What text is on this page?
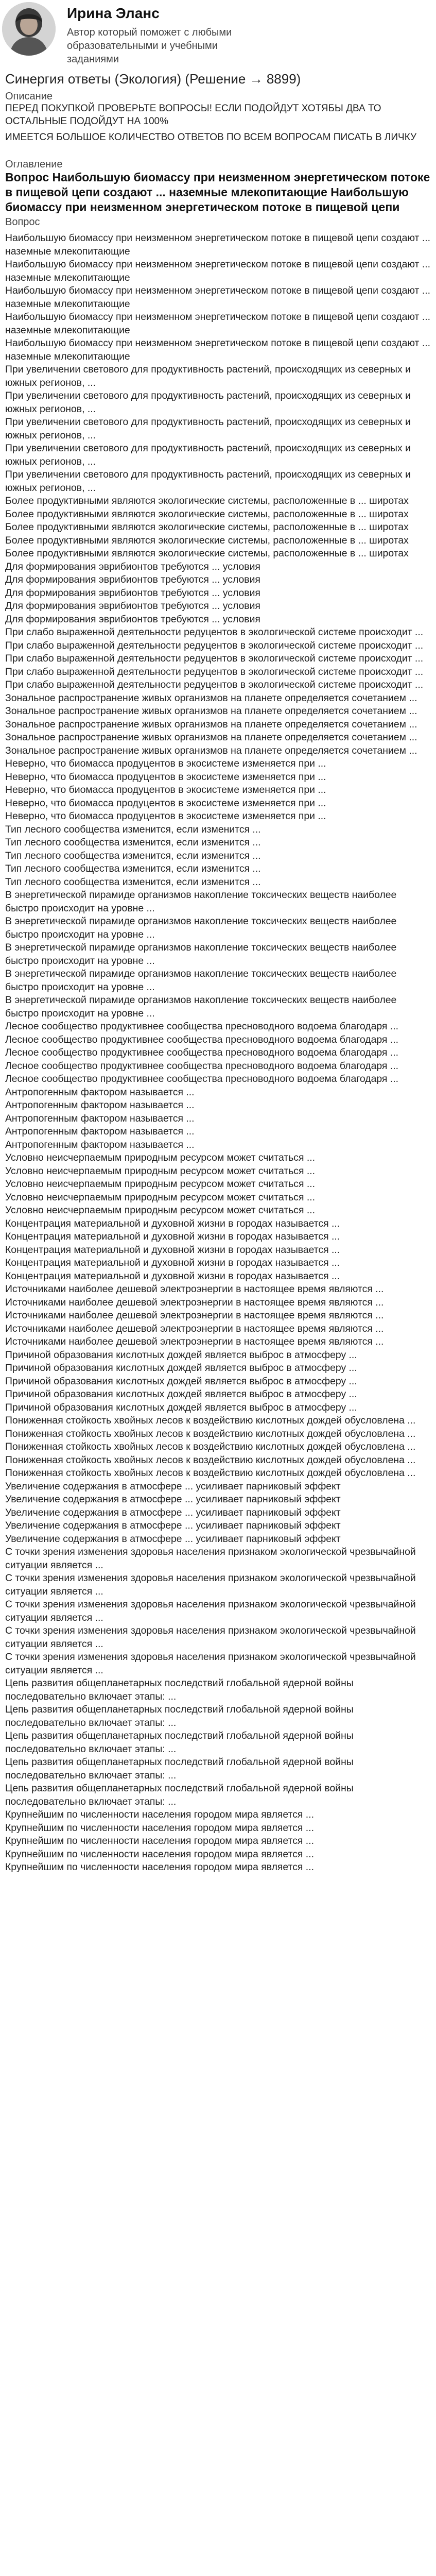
Ирина Эланс
Автор который поможет с любыми образовательными и учебными заданиями
Синергия ответы (Экология) (Решение → 8899)
Описание
ПЕРЕД ПОКУПКОЙ ПРОВЕРЬТЕ ВОПРОСЫ! ЕСЛИ ПОДОЙДУТ ХОТЯБЫ ДВА ТО ОСТАЛЬНЫЕ ПОДОЙДУТ НА 100%
ИМЕЕТСЯ БОЛЬШОЕ КОЛИЧЕСТВО ОТВЕТОВ ПО ВСЕМ ВОПРОСАМ ПИСАТЬ В ЛИЧКУ
Оглавление
Вопрос Наибольшую биомассу при неизменном энергетическом потоке в пищевой цепи создают ... наземные млекопитающие Наибольшую биомассу при неизменном энергетическом потоке в пищевой цепи
Вопрос
Наибольшую биомассу при неизменном энергетическом потоке в пищевой цепи создают ... наземные млекопитающие
Наибольшую биомассу при неизменном энергетическом потоке в пищевой цепи создают ... наземные млекопитающие
Наибольшую биомассу при неизменном энергетическом потоке в пищевой цепи создают ... наземные млекопитающие
Наибольшую биомассу при неизменном энергетическом потоке в пищевой цепи создают ... наземные млекопитающие
Наибольшую биомассу при неизменном энергетическом потоке в пищевой цепи создают ... наземные млекопитающие
При увеличении светового для продуктивность растений, происходящих из северных и южных регионов, ...
При увеличении светового для продуктивность растений, происходящих из северных и южных регионов, ...
При увеличении светового для продуктивность растений, происходящих из северных и южных регионов, ...
При увеличении светового для продуктивность растений, происходящих из северных и южных регионов, ...
При увеличении светового для продуктивность растений, происходящих из северных и южных регионов, ...
Более продуктивными являются экологические системы, расположенные в ... широтах
Более продуктивными являются экологические системы, расположенные в ... широтах
Более продуктивными являются экологические системы, расположенные в ... широтах
Более продуктивными являются экологические системы, расположенные в ... широтах
Более продуктивными являются экологические системы, расположенные в ... широтах
Для формирования эврибионтов требуются ... условия
Для формирования эврибионтов требуются ... условия
Для формирования эврибионтов требуются ... условия
Для формирования эврибионтов требуются ... условия
Для формирования эврибионтов требуются ... условия
При слабо выраженной деятельности редуцентов в экологической системе происходит ...
При слабо выраженной деятельности редуцентов в экологической системе происходит ...
При слабо выраженной деятельности редуцентов в экологической системе происходит ...
При слабо выраженной деятельности редуцентов в экологической системе происходит ...
При слабо выраженной деятельности редуцентов в экологической системе происходит ...
Зональное распространение живых организмов на планете определяется сочетанием ...
Зональное распространение живых организмов на планете определяется сочетанием ...
Зональное распространение живых организмов на планете определяется сочетанием ...
Зональное распространение живых организмов на планете определяется сочетанием ...
Зональное распространение живых организмов на планете определяется сочетанием ...
Неверно, что биомасса продуцентов в экосистеме изменяется при ...
Неверно, что биомасса продуцентов в экосистеме изменяется при ...
Неверно, что биомасса продуцентов в экосистеме изменяется при ...
Неверно, что биомасса продуцентов в экосистеме изменяется при ...
Неверно, что биомасса продуцентов в экосистеме изменяется при ...
Тип лесного сообщества изменится, если изменится ...
Тип лесного сообщества изменится, если изменится ...
Тип лесного сообщества изменится, если изменится ...
Тип лесного сообщества изменится, если изменится ...
Тип лесного сообщества изменится, если изменится ...
В энергетической пирамиде организмов накопление токсических веществ наиболее быстро происходит на уровне ...
В энергетической пирамиде организмов накопление токсических веществ наиболее быстро происходит на уровне ...
В энергетической пирамиде организмов накопление токсических веществ наиболее быстро происходит на уровне ...
В энергетической пирамиде организмов накопление токсических веществ наиболее быстро происходит на уровне ...
В энергетической пирамиде организмов накопление токсических веществ наиболее быстро происходит на уровне ...
Лесное сообщество продуктивнее сообщества пресноводного водоема благодаря ...
Лесное сообщество продуктивнее сообщества пресноводного водоема благодаря ...
Лесное сообщество продуктивнее сообщества пресноводного водоема благодаря ...
Лесное сообщество продуктивнее сообщества пресноводного водоема благодаря ...
Лесное сообщество продуктивнее сообщества пресноводного водоема благодаря ...
Антропогенным фактором называется ...
Антропогенным фактором называется ...
Антропогенным фактором называется ...
Антропогенным фактором называется ...
Антропогенным фактором называется ...
Условно неисчерпаемым природным ресурсом может считаться ...
Условно неисчерпаемым природным ресурсом может считаться ...
Условно неисчерпаемым природным ресурсом может считаться ...
Условно неисчерпаемым природным ресурсом может считаться ...
Условно неисчерпаемым природным ресурсом может считаться ...
Концентрация материальной и духовной жизни в городах называется ...
Концентрация материальной и духовной жизни в городах называется ...
Концентрация материальной и духовной жизни в городах называется ...
Концентрация материальной и духовной жизни в городах называется ...
Концентрация материальной и духовной жизни в городах называется ...
Источниками наиболее дешевой электроэнергии в настоящее время являются ...
Источниками наиболее дешевой электроэнергии в настоящее время являются ...
Источниками наиболее дешевой электроэнергии в настоящее время являются ...
Источниками наиболее дешевой электроэнергии в настоящее время являются ...
Источниками наиболее дешевой электроэнергии в настоящее время являются ...
Причиной образования кислотных дождей является выброс в атмосферу ...
Причиной образования кислотных дождей является выброс в атмосферу ...
Причиной образования кислотных дождей является выброс в атмосферу ...
Причиной образования кислотных дождей является выброс в атмосферу ...
Причиной образования кислотных дождей является выброс в атмосферу ...
Пониженная стойкость хвойных лесов к воздействию кислотных дождей обусловлена ...
Пониженная стойкость хвойных лесов к воздействию кислотных дождей обусловлена ...
Пониженная стойкость хвойных лесов к воздействию кислотных дождей обусловлена ...
Пониженная стойкость хвойных лесов к воздействию кислотных дождей обусловлена ...
Пониженная стойкость хвойных лесов к воздействию кислотных дождей обусловлена ...
Увеличение содержания в атмосфере ... усиливает парниковый эффект
Увеличение содержания в атмосфере ... усиливает парниковый эффект
Увеличение содержания в атмосфере ... усиливает парниковый эффект
Увеличение содержания в атмосфере ... усиливает парниковый эффект
Увеличение содержания в атмосфере ... усиливает парниковый эффект
С точки зрения изменения здоровья населения признаком экологической чрезвычайной ситуации является ...
С точки зрения изменения здоровья населения признаком экологической чрезвычайной ситуации является ...
С точки зрения изменения здоровья населения признаком экологической чрезвычайной ситуации является ...
С точки зрения изменения здоровья населения признаком экологической чрезвычайной ситуации является ...
С точки зрения изменения здоровья населения признаком экологической чрезвычайной ситуации является ...
Цепь развития общепланетарных последствий глобальной ядерной войны последовательно включает этапы: ...
Цепь развития общепланетарных последствий глобальной ядерной войны последовательно включает этапы: ...
Цепь развития общепланетарных последствий глобальной ядерной войны последовательно включает этапы: ...
Цепь развития общепланетарных последствий глобальной ядерной войны последовательно включает этапы: ...
Цепь развития общепланетарных последствий глобальной ядерной войны последовательно включает этапы: ...
Крупнейшим по численности населения городом мира является ...
Крупнейшим по численности населения городом мира является ...
Крупнейшим по численности населения городом мира является ...
Крупнейшим по численности населения городом мира является ...
Крупнейшим по численности населения городом мира является ...
